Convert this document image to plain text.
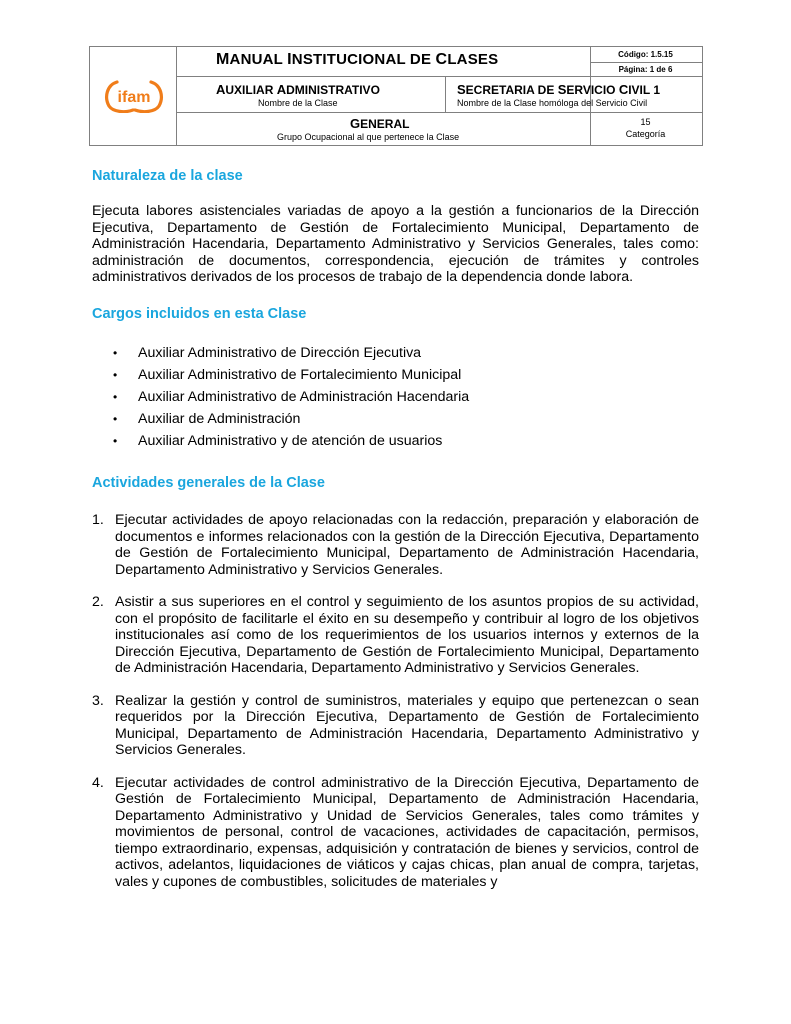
ifam
MANUAL INSTITUCIONAL DE CLASES	Código: 1.5.15
Página: 1 de 6
AUXILIAR ADMINISTRATIVO
Nombre de la Clase
SECRETARIA DE SERVICIO CIVIL 1
Nombre de la Clase homóloga del Servicio Civil
GENERAL
Grupo Ocupacional al que pertenece la Clase
15
Categoría
Naturaleza de la clase
Ejecuta labores asistenciales variadas de apoyo a la gestión a funcionarios de la Dirección Ejecutiva, Departamento de Gestión de Fortalecimiento Municipal, Departamento de Administración Hacendaria, Departamento Administrativo y Servicios Generales, tales como: administración de documentos, correspondencia, ejecución de trámites y controles administrativos derivados de los procesos de trabajo de la dependencia donde labora.
Cargos incluidos en esta Clase
• Auxiliar Administrativo de Dirección Ejecutiva
• Auxiliar Administrativo de Fortalecimiento Municipal
• Auxiliar Administrativo de Administración Hacendaria
• Auxiliar de Administración
• Auxiliar Administrativo y de atención de usuarios
Actividades generales de la Clase
1. Ejecutar actividades de apoyo relacionadas con la redacción, preparación y elaboración de documentos e informes relacionados con la gestión de la Dirección Ejecutiva, Departamento de Gestión de Fortalecimiento Municipal, Departamento de Administración Hacendaria, Departamento Administrativo y Servicios Generales.
2. Asistir a sus superiores en el control y seguimiento de los asuntos propios de su actividad, con el propósito de facilitarle el éxito en su desempeño y contribuir al logro de los objetivos institucionales así como de los requerimientos de los usuarios internos y externos de la Dirección Ejecutiva, Departamento de Gestión de Fortalecimiento Municipal, Departamento de Administración Hacendaria, Departamento Administrativo y Servicios Generales.
3. Realizar la gestión y control de suministros, materiales y equipo que pertenezcan o sean requeridos por la Dirección Ejecutiva, Departamento de Gestión de Fortalecimiento Municipal, Departamento de Administración Hacendaria, Departamento Administrativo y Servicios Generales.
4. Ejecutar actividades de control administrativo de la Dirección Ejecutiva, Departamento de Gestión de Fortalecimiento Municipal, Departamento de Administración Hacendaria, Departamento Administrativo y Unidad de Servicios Generales, tales como trámites y movimientos de personal, control de vacaciones, actividades de capacitación, permisos, tiempo extraordinario, expensas, adquisición y contratación de bienes y servicios, control de activos, adelantos, liquidaciones de viáticos y cajas chicas, plan anual de compra, tarjetas, vales y cupones de combustibles, solicitudes de materiales y
